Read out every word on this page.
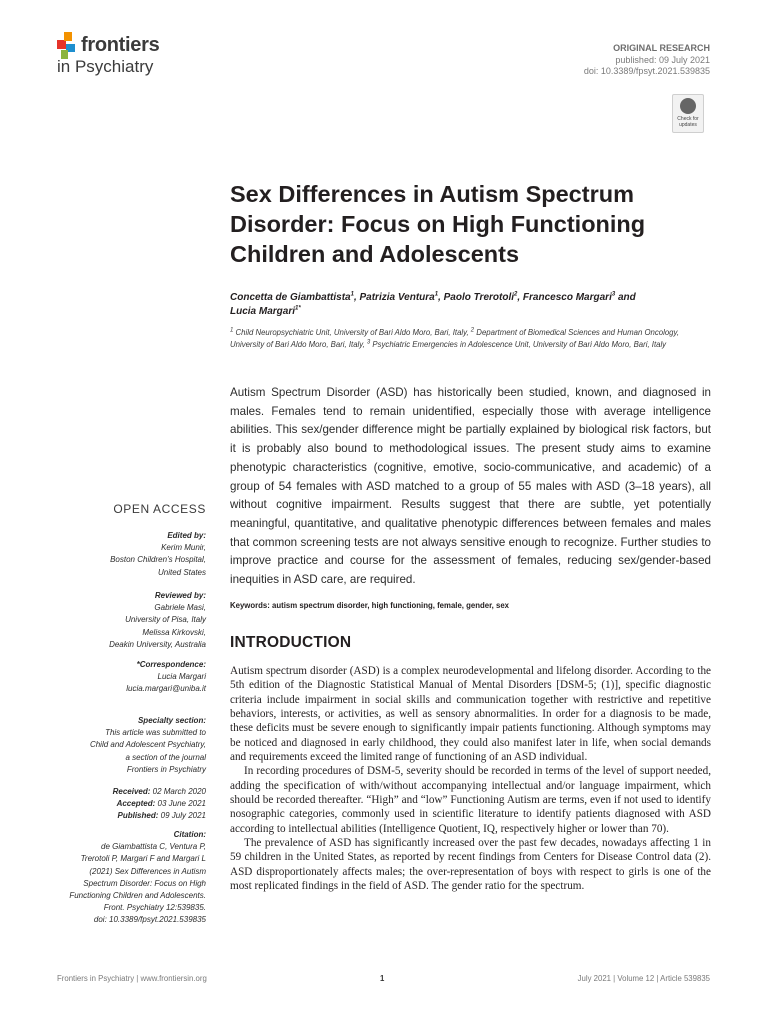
frontiers
in Psychiatry
ORIGINAL RESEARCH
published: 09 July 2021
doi: 10.3389/fpsyt.2021.539835
Check for updates
Sex Differences in Autism Spectrum Disorder: Focus on High Functioning Children and Adolescents
Concetta de Giambattista$^1$, Patrizia Ventura$^1$, Paolo Trerotoli$^2$, Francesco Margari$^3$ and
Lucia Margari$^{1*}$
$^1$ Child Neuropsychiatric Unit, University of Bari Aldo Moro, Bari, Italy, $^2$ Department of Biomedical Sciences and Human Oncology, University of Bari Aldo Moro, Bari, Italy, $^3$ Psychiatric Emergencies in Adolescence Unit, University of Bari Aldo Moro, Bari, Italy
Autism Spectrum Disorder (ASD) has historically been studied, known, and diagnosed in males. Females tend to remain unidentified, especially those with average intelligence abilities. This sex/gender difference might be partially explained by biological risk factors, but it is probably also bound to methodological issues. The present study aims to examine phenotypic characteristics (cognitive, emotive, socio-communicative, and academic) of a group of 54 females with ASD matched to a group of 55 males with ASD (3–18 years), all without cognitive impairment. Results suggest that there are subtle, yet potentially meaningful, quantitative, and qualitative phenotypic differences between females and males that common screening tests are not always sensitive enough to recognize. Further studies to improve practice and course for the assessment of females, reducing sex/gender-based inequities in ASD care, are required.
Keywords: autism spectrum disorder, high functioning, female, gender, sex
INTRODUCTION

Autism spectrum disorder (ASD) is a complex neurodevelopmental and lifelong disorder. According to the 5th edition of the Diagnostic Statistical Manual of Mental Disorders [DSM-5; (1)], specific diagnostic criteria include impairment in social skills and communication together with restrictive and repetitive behaviors, interests, or activities, as well as sensory abnormalities. In order for a diagnosis to be made, these deficits must be severe enough to significantly impair patients functioning. Although symptoms may be noticed and diagnosed in early childhood, they could also manifest later in life, when social demands and requirements exceed the limited range of functioning of an ASD individual.

In recording procedures of DSM-5, severity should be recorded in terms of the level of support needed, adding the specification of with/without accompanying intellectual and/or language impairment, which should be recorded thereafter. “High” and “low” Functioning Autism are terms, even if not used to identify nosographic categories, commonly used in scientific literature to identify patients diagnosed with ASD according to intellectual abilities (Intelligence Quotient, IQ, respectively higher or lower than 70).

The prevalence of ASD has significantly increased over the past few decades, nowadays affecting 1 in 59 children in the United States, as reported by recent findings from Centers for Disease Control data (2). ASD disproportionately affects males; the over-representation of boys with respect to girls is one of the most replicated findings in the field of ASD. The gender ratio for the spectrum.

OPEN ACCESS
Edited by:
Kerim Munir,
Boston Children’s Hospital,
United States
Reviewed by:
Gabriele Masi,
University of Pisa, Italy
Melissa Kirkovski,
Deakin University, Australia
*Correspondence:
Lucia Margari
lucia.margari@uniba.it
Specialty section:
This article was submitted to
Child and Adolescent Psychiatry,
a section of the journal
Frontiers in Psychiatry
Received: 02 March 2020
Accepted: 03 June 2021
Published: 09 July 2021
Citation:
de Giambattista C, Ventura P,
Trerotoli P, Margari F and Margari L
(2021) Sex Differences in Autism
Spectrum Disorder: Focus on High
Functioning Children and Adolescents.
Front. Psychiatry 12:539835.
doi: 10.3389/fpsyt.2021.539835
Frontiers in Psychiatry | www.frontiersin.org	1	July 2021 | Volume 12 | Article 539835
